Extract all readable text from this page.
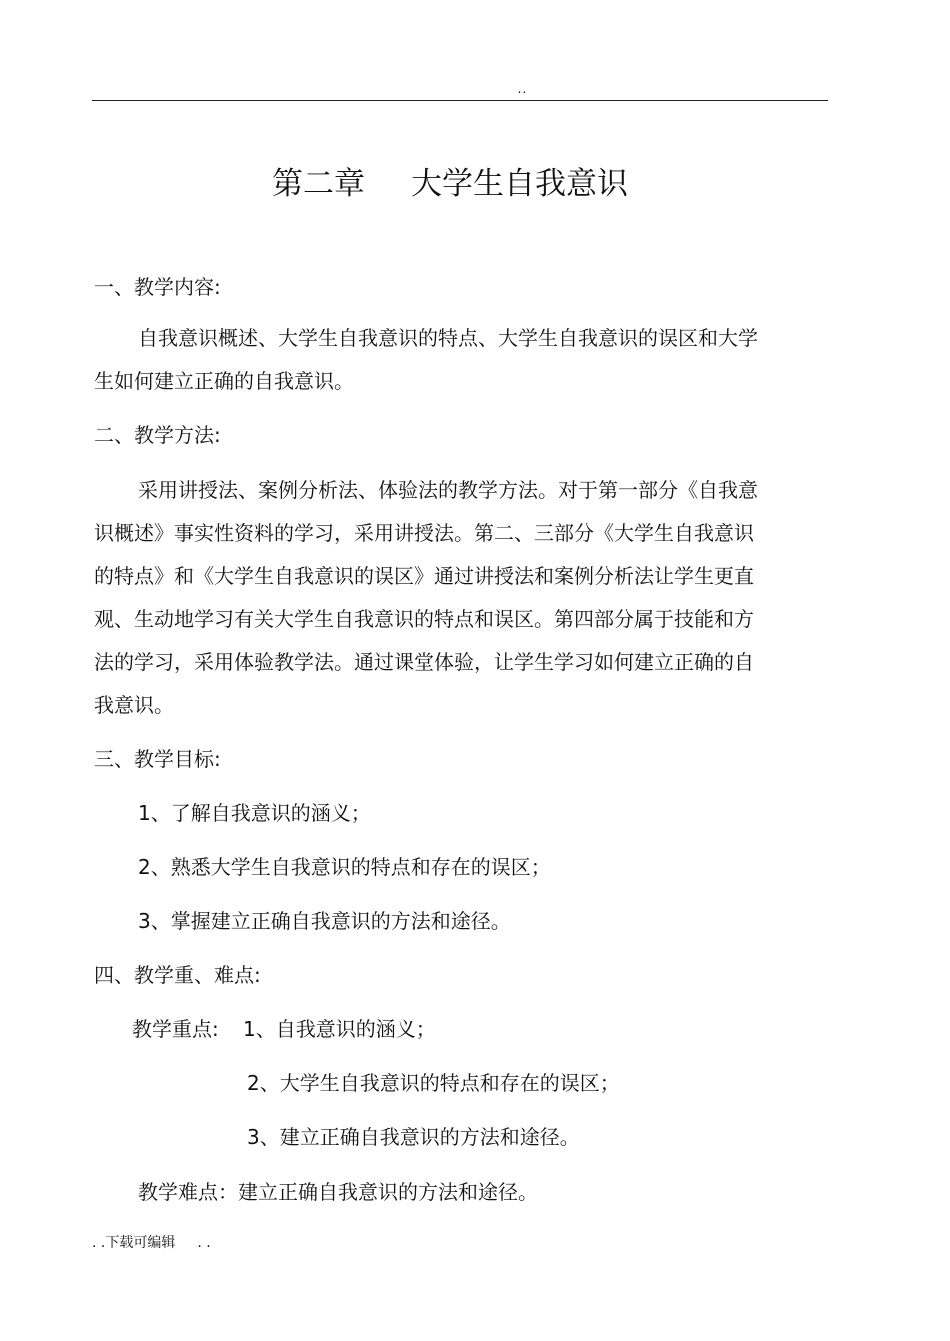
..
第二章 大学生自我意识
一、教学内容:
自我意识概述、大学生自我意识的特点、大学生自我意识的误区和大学
生如何建立正确的自我意识。
二、教学方法:
采用讲授法、案例分析法、体验法的教学方法。对于第一部分《自我意
识概述》事实性资料的学习，采用讲授法。第二、三部分《大学生自我意识
的特点》和《大学生自我意识的误区》通过讲授法和案例分析法让学生更直
观、生动地学习有关大学生自我意识的特点和误区。第四部分属于技能和方
法的学习，采用体验教学法。通过课堂体验，让学生学习如何建立正确的自
我意识。
三、教学目标:
1、了解自我意识的涵义；
2、熟悉大学生自我意识的特点和存在的误区；
3、掌握建立正确自我意识的方法和途径。
四、教学重、难点:
教学重点: 1、自我意识的涵义；
2、大学生自我意识的特点和存在的误区；
3、建立正确自我意识的方法和途径。
教学难点：建立正确自我意识的方法和途径。
. .下载可编辑 . .
